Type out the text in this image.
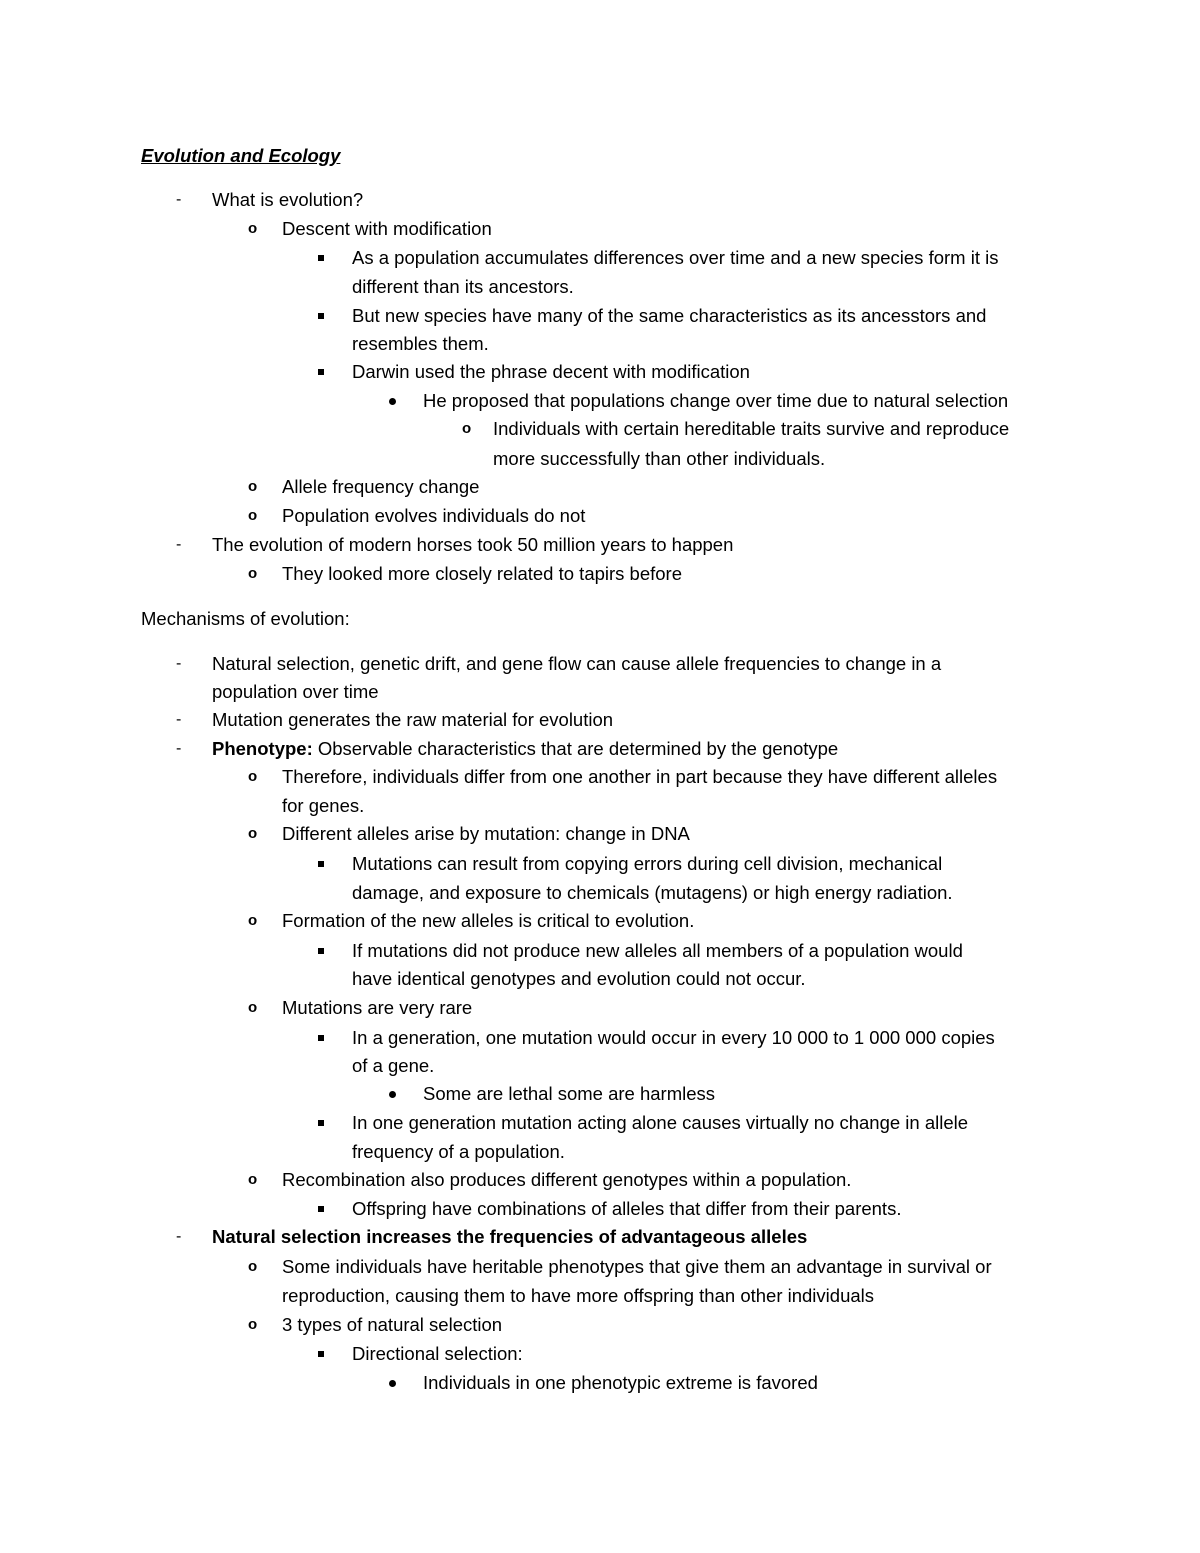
Evolution and Ecology
- What is evolution?
o Descent with modification
As a population accumulates differences over time and a new species form it is
different than its ancestors.
But new species have many of the same characteristics as its ancesstors and
resembles them.
Darwin used the phrase decent with modification
He proposed that populations change over time due to natural selection
o Individuals with certain hereditable traits survive and reproduce
more successfully than other individuals.
o Allele frequency change
o Population evolves individuals do not
- The evolution of modern horses took 50 million years to happen
o They looked more closely related to tapirs before
Mechanisms of evolution:
- Natural selection, genetic drift, and gene flow can cause allele frequencies to change in a
population over time
- Mutation generates the raw material for evolution
- Phenotype: Observable characteristics that are determined by the genotype
o Therefore, individuals differ from one another in part because they have different alleles
for genes.
o Different alleles arise by mutation: change in DNA
Mutations can result from copying errors during cell division, mechanical
damage, and exposure to chemicals (mutagens) or high energy radiation.
o Formation of the new alleles is critical to evolution.
If mutations did not produce new alleles all members of a population would
have identical genotypes and evolution could not occur.
o Mutations are very rare
In a generation, one mutation would occur in every 10 000 to 1 000 000 copies
of a gene.
Some are lethal some are harmless
In one generation mutation acting alone causes virtually no change in allele
frequency of a population.
o Recombination also produces different genotypes within a population.
Offspring have combinations of alleles that differ from their parents.
- Natural selection increases the frequencies of advantageous alleles
o Some individuals have heritable phenotypes that give them an advantage in survival or
reproduction, causing them to have more offspring than other individuals
o 3 types of natural selection
Directional selection:
Individuals in one phenotypic extreme is favored
